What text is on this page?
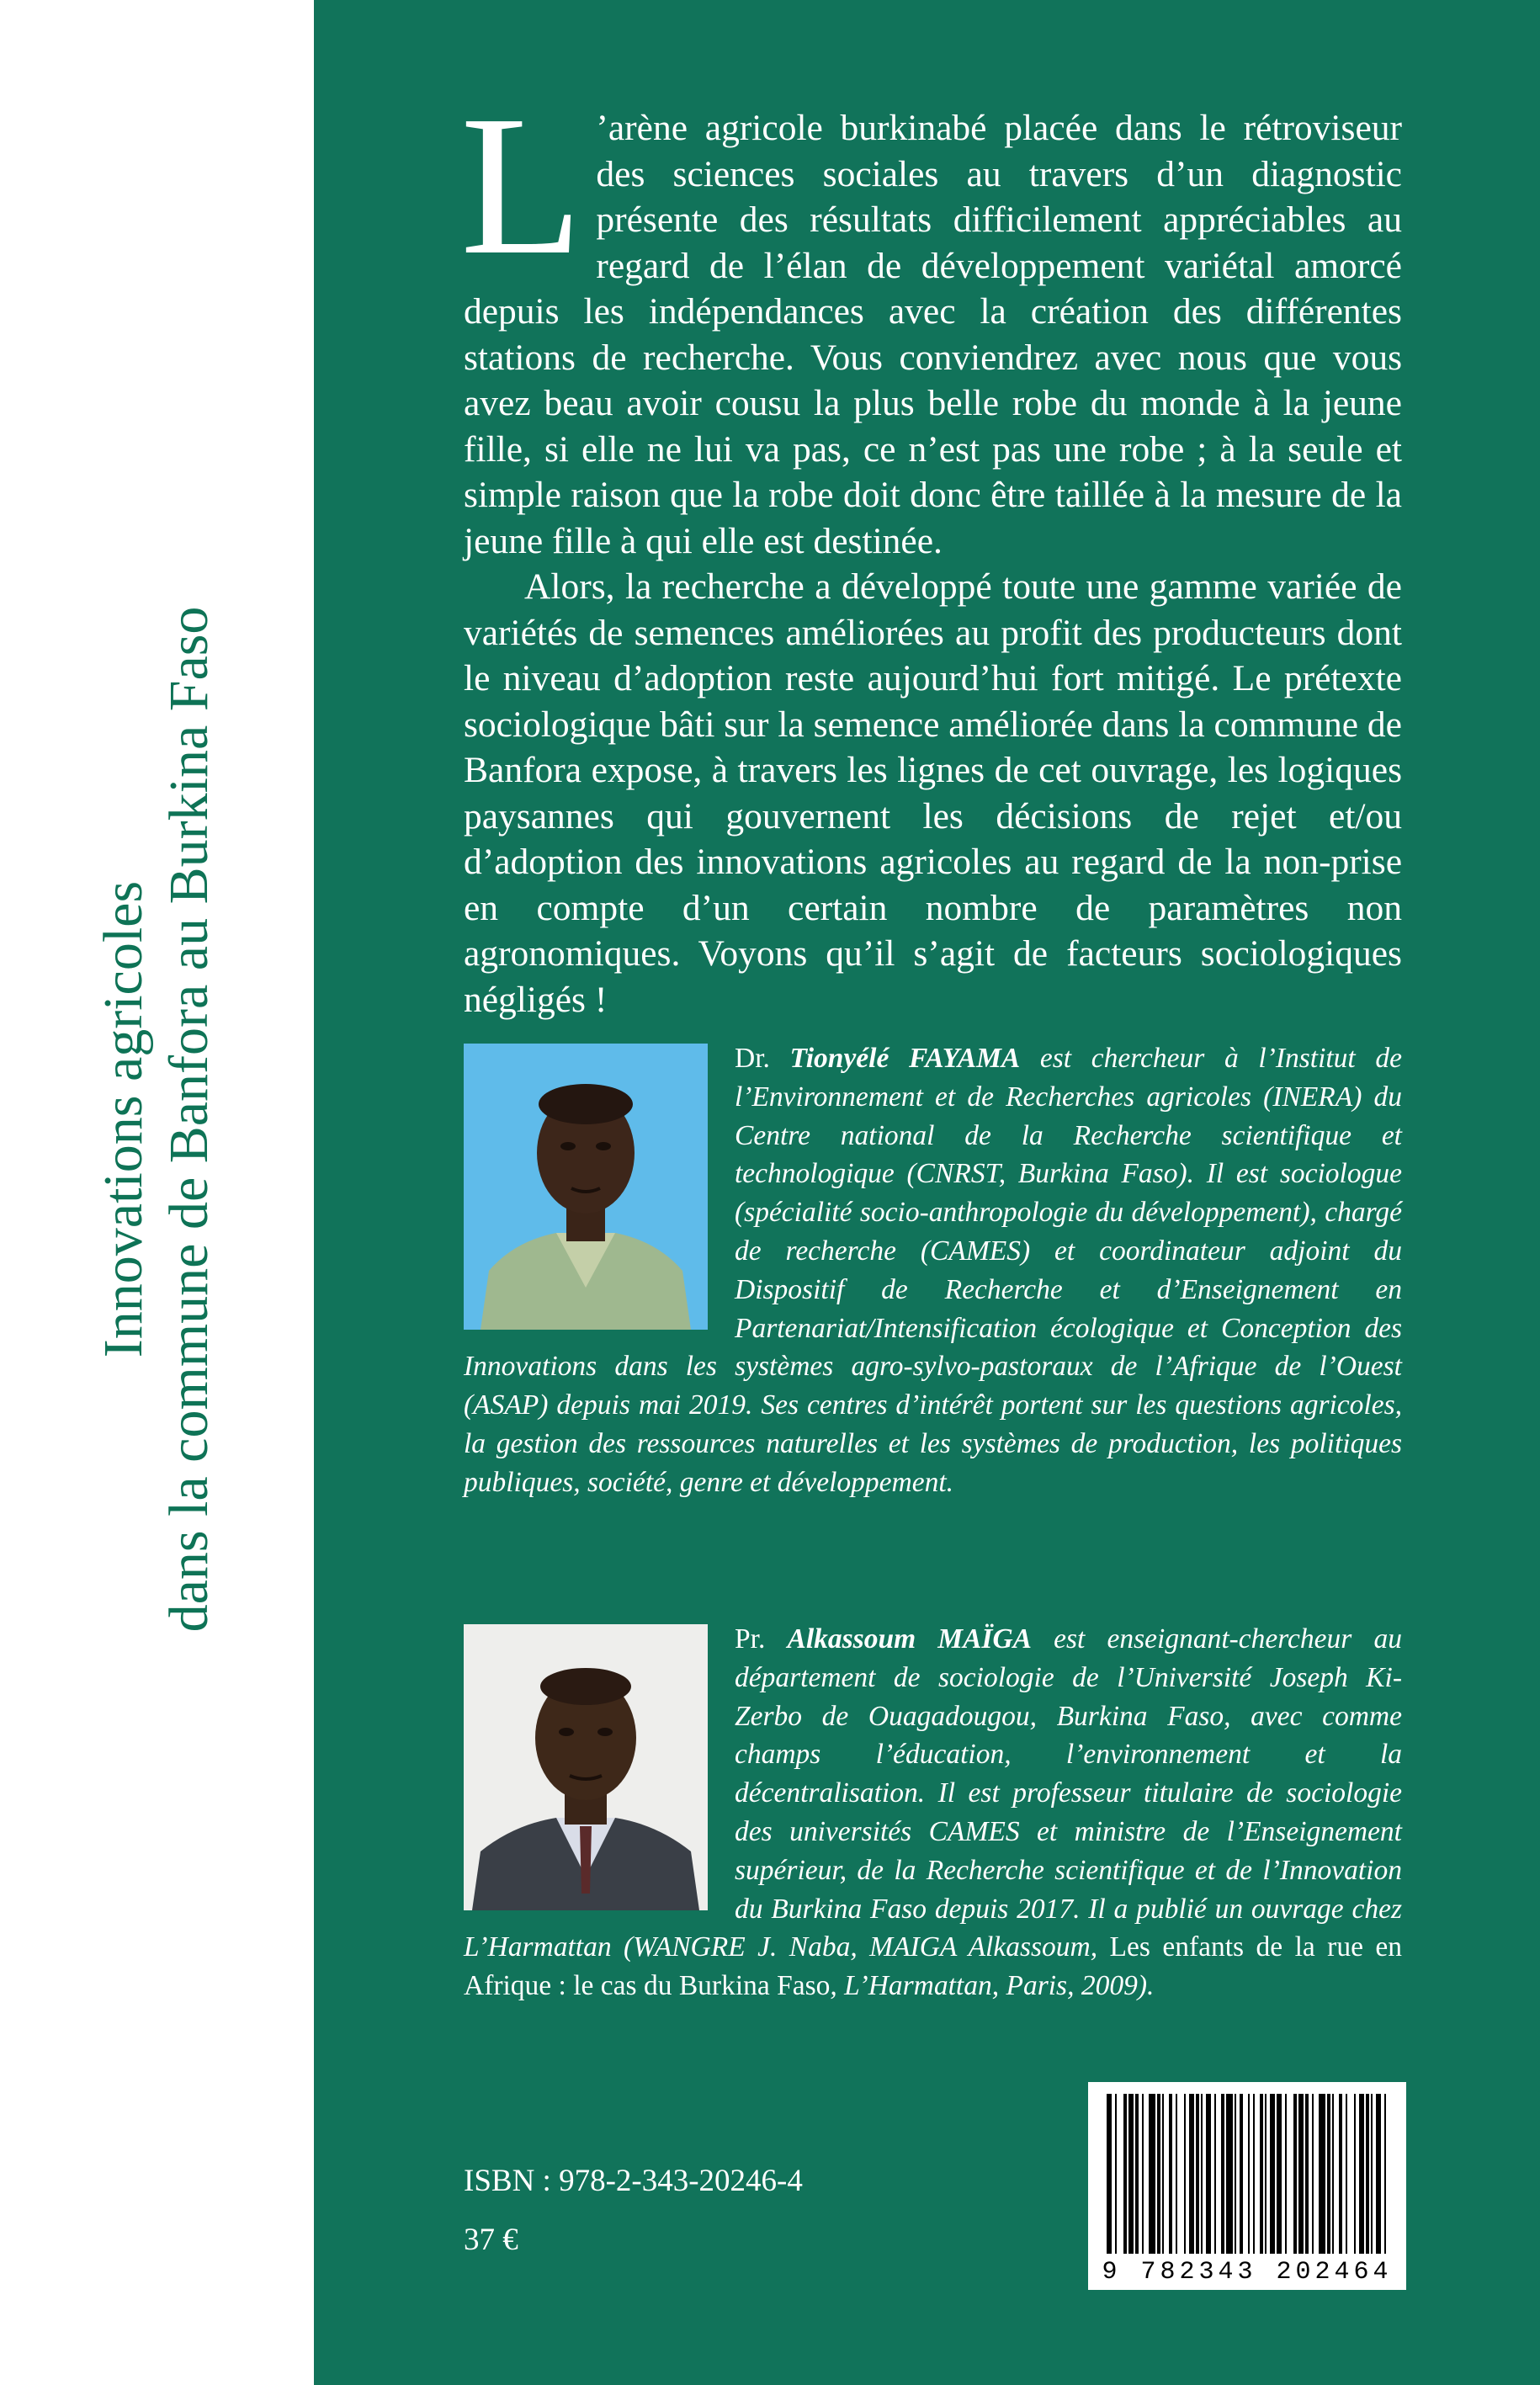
Innovations agricoles dans la commune de Banfora au Burkina Faso

L ’arène agricole burkinabé placée dans le rétroviseur des sciences sociales au travers d’un diagnostic présente des résultats difficilement appréciables au regard de l’élan de développement variétal amorcé depuis les indépendances avec la création des différentes stations de recherche. Vous conviendrez avec nous que vous avez beau avoir cousu la plus belle robe du monde à la jeune fille, si elle ne lui va pas, ce n’est pas une robe ; à la seule et simple raison que la robe doit donc être taillée à la mesure de la jeune fille à qui elle est destinée.

Alors, la recherche a développé toute une gamme variée de variétés de semences améliorées au profit des producteurs dont le niveau d’adoption reste aujourd’hui fort mitigé. Le prétexte sociologique bâti sur la semence améliorée dans la commune de Banfora expose, à travers les lignes de cet ouvrage, les logiques paysannes qui gouvernent les décisions de rejet et/ou d’adoption des innovations agricoles au regard de la non-prise en compte d’un certain nombre de paramètres non agronomiques. Voyons qu’il s’agit de facteurs sociologiques négligés !

Dr. Tionyélé FAYAMA est chercheur à l’Institut de l’Environnement et de Recherches agricoles (INERA) du Centre national de la Recherche scientifique et technologique (CNRST, Burkina Faso). Il est sociologue (spécialité socio-anthropologie du développement), chargé de recherche (CAMES) et coordinateur adjoint du Dispositif de Recherche et d’Enseignement en Partenariat/Intensification écologique et Conception des Innovations dans les systèmes agro-sylvo-pastoraux de l’Afrique de l’Ouest (ASAP) depuis mai 2019. Ses centres d’intérêt portent sur les questions agricoles, la gestion des ressources naturelles et les systèmes de production, les politiques publiques, société, genre et développement.
Pr. Alkassoum MAÏGA est enseignant-chercheur au département de sociologie de l’Université Joseph Ki-Zerbo de Ouagadougou, Burkina Faso, avec comme champs l’éducation, l’environnement et la décentralisation. Il est professeur titulaire de sociologie des universités CAMES et ministre de l’Enseignement supérieur, de la Recherche scientifique et de l’Innovation du Burkina Faso depuis 2017. Il a publié un ouvrage chez L’Harmattan (WANGRE J. Naba, MAIGA Alkassoum, Les enfants de la rue en Afrique : le cas du Burkina Faso, L’Harmattan, Paris, 2009).
9 782343 202464
ISBN : 978-2-343-20246-4
37 €
